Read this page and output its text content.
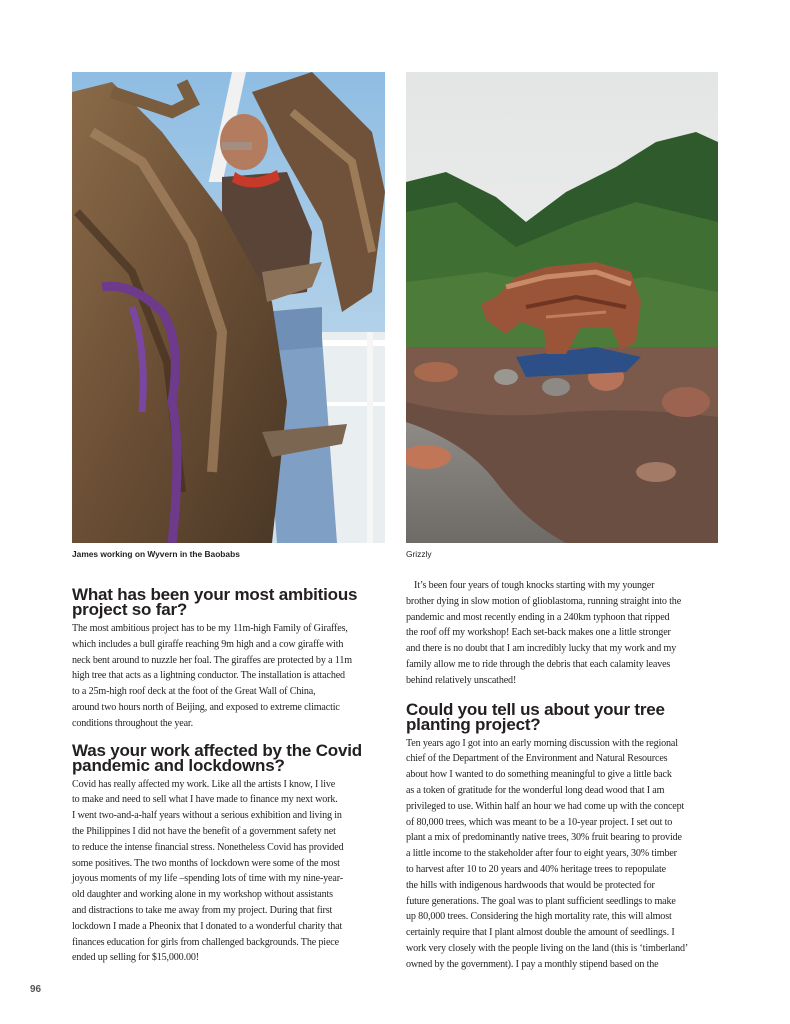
James working on Wyvern in the Baobabs	Grizzly
What has been your most ambitious project so far?

The most ambitious project has to be my 11m-high Family of Giraffes,
which includes a bull giraffe reaching 9m high and a cow giraffe with
neck bent around to nuzzle her foal. The giraffes are protected by a 11m
high tree that acts as a lightning conductor. The installation is attached
to a 25m-high roof deck at the foot of the Great Wall of China,
around two hours north of Beijing, and exposed to extreme climactic
conditions throughout the year.

Was your work affected by the Covid pandemic and lockdowns?

Covid has really affected my work. Like all the artists I know, I live
to make and need to sell what I have made to finance my next work.
I went two-and-a-half years without a serious exhibition and living in
the Philippines I did not have the benefit of a government safety net
to reduce the intense financial stress. Nonetheless Covid has provided
some positives. The two months of lockdown were some of the most
joyous moments of my life –spending lots of time with my nine-year-
old daughter and working alone in my workshop without assistants
and distractions to take me away from my project. During that first
lockdown I made a Pheonix that I donated to a wonderful charity that
finances education for girls from challenged backgrounds. The piece
ended up selling for $15,000.00!

It’s been four years of tough knocks starting with my younger
brother dying in slow motion of glioblastoma, running straight into the
pandemic and most recently ending in a 240km typhoon that ripped
the roof off my workshop! Each set-back makes one a little stronger
and there is no doubt that I am incredibly lucky that my work and my
family allow me to ride through the debris that each calamity leaves
behind relatively unscathed!

Could you tell us about your tree planting project?

Ten years ago I got into an early morning discussion with the regional
chief of the Department of the Environment and Natural Resources
about how I wanted to do something meaningful to give a little back
as a token of gratitude for the wonderful long dead wood that I am
privileged to use. Within half an hour we had come up with the concept
of 80,000 trees, which was meant to be a 10-year project. I set out to
plant a mix of predominantly native trees, 30% fruit bearing to provide
a little income to the stakeholder after four to eight years, 30% timber
to harvest after 10 to 20 years and 40% heritage trees to repopulate
the hills with indigenous hardwoods that would be protected for
future generations. The goal was to plant sufficient seedlings to make
up 80,000 trees. Considering the high mortality rate, this will almost
certainly require that I plant almost double the amount of seedlings. I
work very closely with the people living on the land (this is ‘timberland’
owned by the government). I pay a monthly stipend based on the

96
